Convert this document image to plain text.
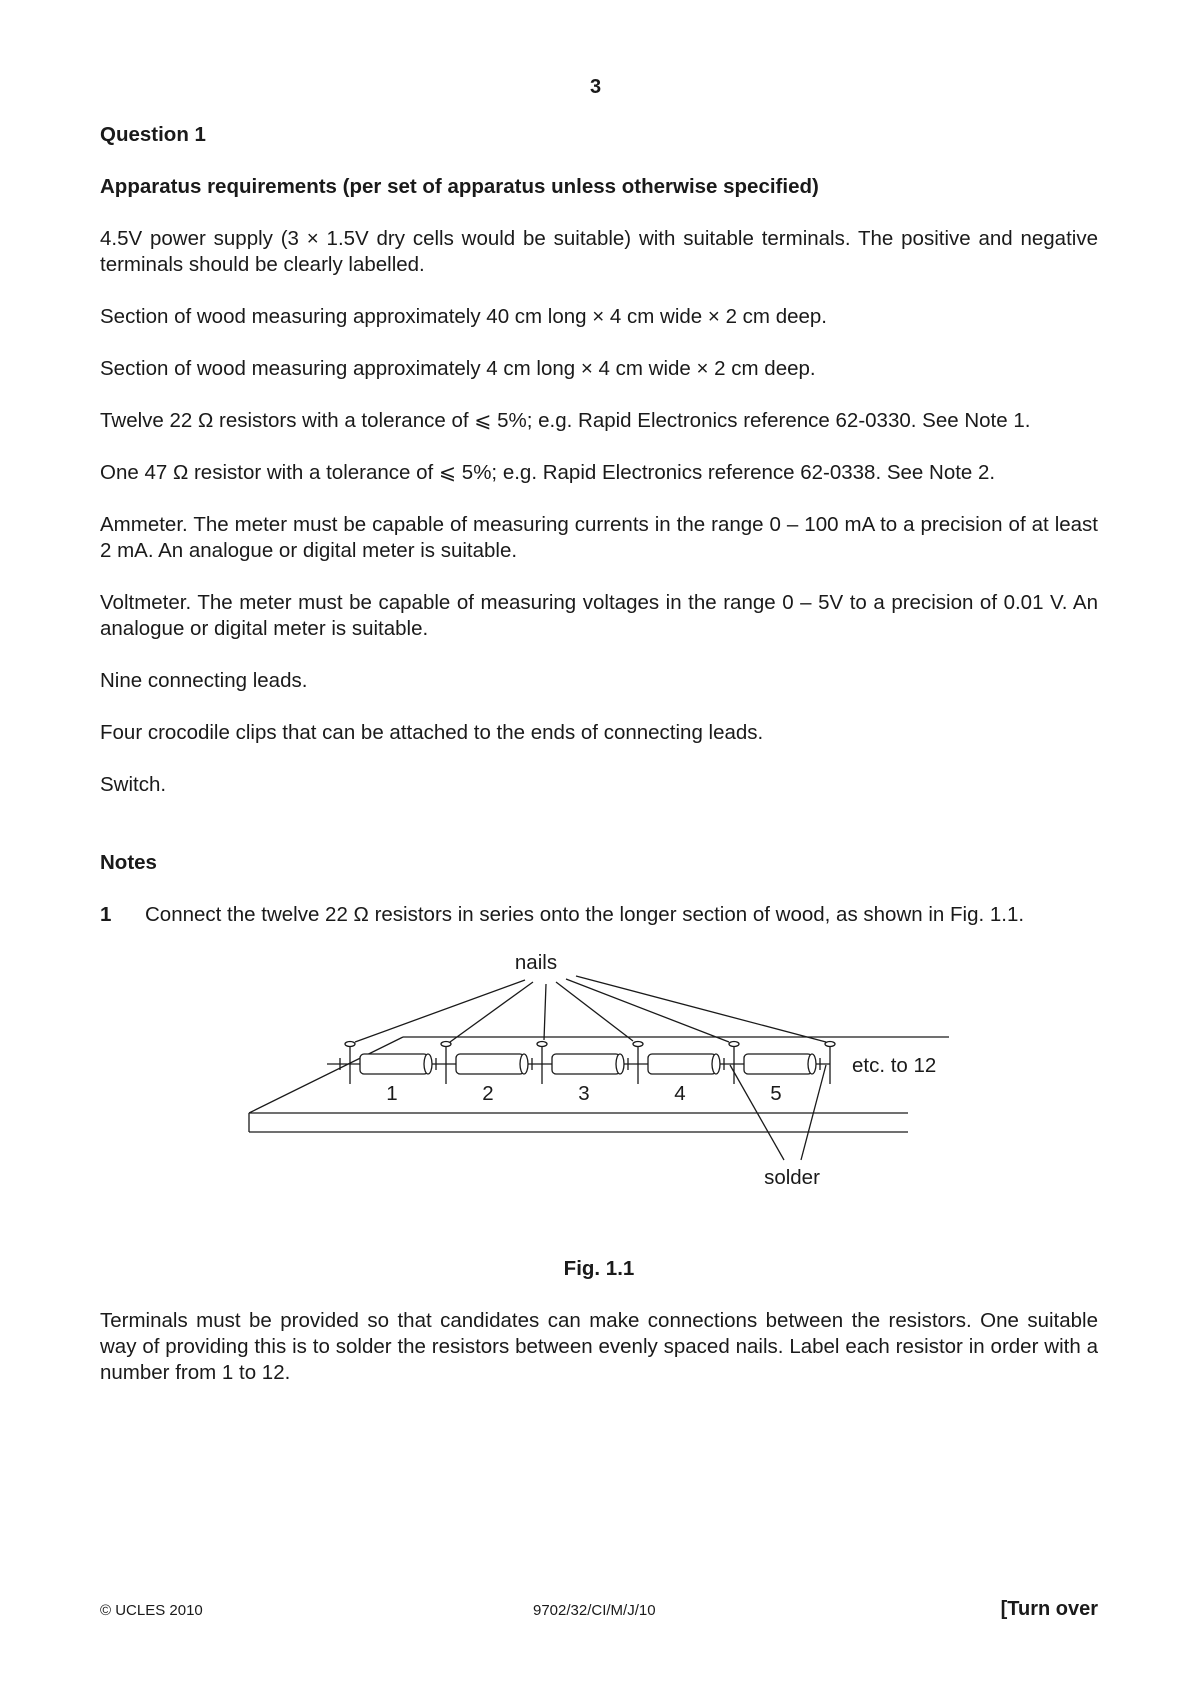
3

Question 1

Apparatus requirements (per set of apparatus unless otherwise specified)

4.5V power supply (3 × 1.5V dry cells would be suitable) with suitable terminals. The positive and negative terminals should be clearly labelled.

Section of wood measuring approximately 40 cm long × 4 cm wide × 2 cm deep.

Section of wood measuring approximately 4 cm long × 4 cm wide × 2 cm deep.

Twelve 22 Ω resistors with a tolerance of ⩽ 5%; e.g. Rapid Electronics reference 62-0330. See Note 1.

One 47 Ω resistor with a tolerance of ⩽ 5%; e.g. Rapid Electronics reference 62-0338. See Note 2.

Ammeter. The meter must be capable of measuring currents in the range 0 – 100 mA to a precision of at least 2 mA. An analogue or digital meter is suitable.

Voltmeter. The meter must be capable of measuring voltages in the range 0 – 5V to a precision of 0.01 V. An analogue or digital meter is suitable.

Nine connecting leads.

Four crocodile clips that can be attached to the ends of connecting leads.

Switch.

Notes

1	Connect the twelve 22 Ω resistors in series onto the longer section of wood, as shown in Fig. 1.1.
nails
etc. to 12
1	2	3	4	5
solder

Fig. 1.1

Terminals must be provided so that candidates can make connections between the resistors. One suitable way of providing this is to solder the resistors between evenly spaced nails. Label each resistor in order with a number from 1 to 12.

© UCLES 2010	9702/32/CI/M/J/10	[Turn over
